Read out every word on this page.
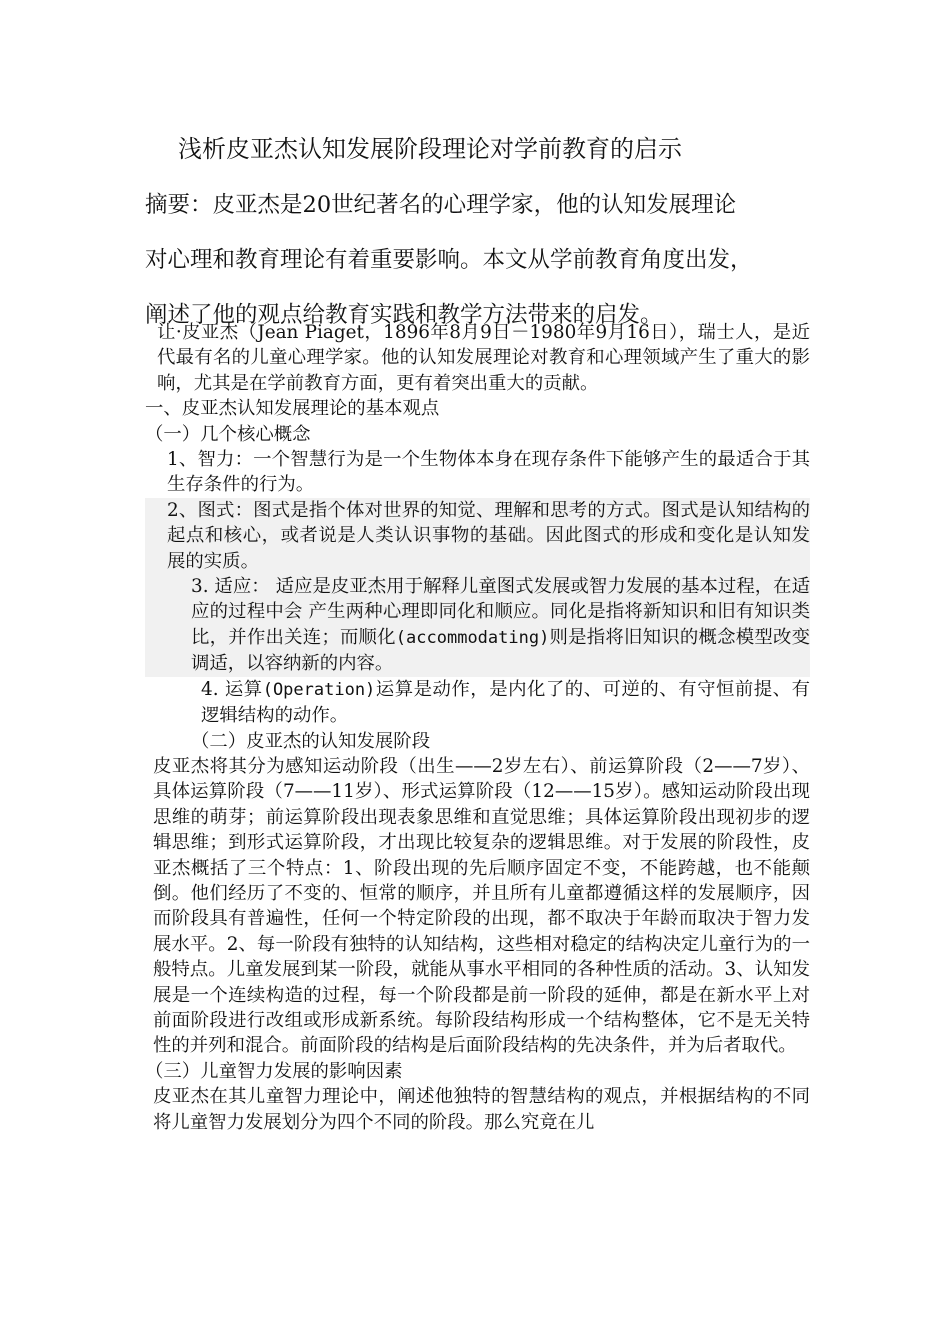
浅析皮亚杰认知发展阶段理论对学前教育的启示
摘要：皮亚杰是20世纪著名的心理学家，他的认知发展理论
对心理和教育理论有着重要影响。本文从学前教育角度出发，
阐述了他的观点给教育实践和教学方法带来的启发。

让·皮亚杰（Jean Piaget，1896年8月9日－1980年9月16日），瑞士人，是近代最有名的儿童心理学家。他的认知发展理论对教育和心理领域产生了重大的影响，尤其是在学前教育方面，更有着突出重大的贡献。

一、皮亚杰认知发展理论的基本观点

（一）几个核心概念

1、智力：一个智慧行为是一个生物体本身在现存条件下能够产生的最适合于其生存条件的行为。

2、图式：图式是指个体对世界的知觉、理解和思考的方式。图式是认知结构的起点和核心，或者说是人类认识事物的基础。因此图式的形成和变化是认知发展的实质。

3. 适应： 适应是皮亚杰用于解释儿童图式发展或智力发展的基本过程，在适应的过程中会 产生两种心理即同化和顺应。同化是指将新知识和旧有知识类比，并作出关连；而顺化(accommodating)则是指将旧知识的概念模型改变调适，以容纳新的内容。

4. 运算(Operation)运算是动作，是内化了的、可逆的、有守恒前提、有逻辑结构的动作。

（二）皮亚杰的认知发展阶段

皮亚杰将其分为感知运动阶段（出生——2岁左右）、前运算阶段（2——7岁）、具体运算阶段（7——11岁）、形式运算阶段（12——15岁）。感知运动阶段出现思维的萌芽；前运算阶段出现表象思维和直觉思维；具体运算阶段出现初步的逻辑思维；到形式运算阶段，才出现比较复杂的逻辑思维。对于发展的阶段性，皮亚杰概括了三个特点：1、阶段出现的先后顺序固定不变，不能跨越，也不能颠倒。他们经历了不变的、恒常的顺序，并且所有儿童都遵循这样的发展顺序，因而阶段具有普遍性，任何一个特定阶段的出现，都不取决于年龄而取决于智力发展水平。2、每一阶段有独特的认知结构，这些相对稳定的结构决定儿童行为的一般特点。儿童发展到某一阶段，就能从事水平相同的各种性质的活动。3、认知发展是一个连续构造的过程，每一个阶段都是前一阶段的延伸，都是在新水平上对前面阶段进行改组或形成新系统。每阶段结构形成一个结构整体，它不是无关特性的并列和混合。前面阶段的结构是后面阶段结构的先决条件，并为后者取代。

（三）儿童智力发展的影响因素

皮亚杰在其儿童智力理论中，阐述他独特的智慧结构的观点，并根据结构的不同将儿童智力发展划分为四个不同的阶段。那么究竟在儿
